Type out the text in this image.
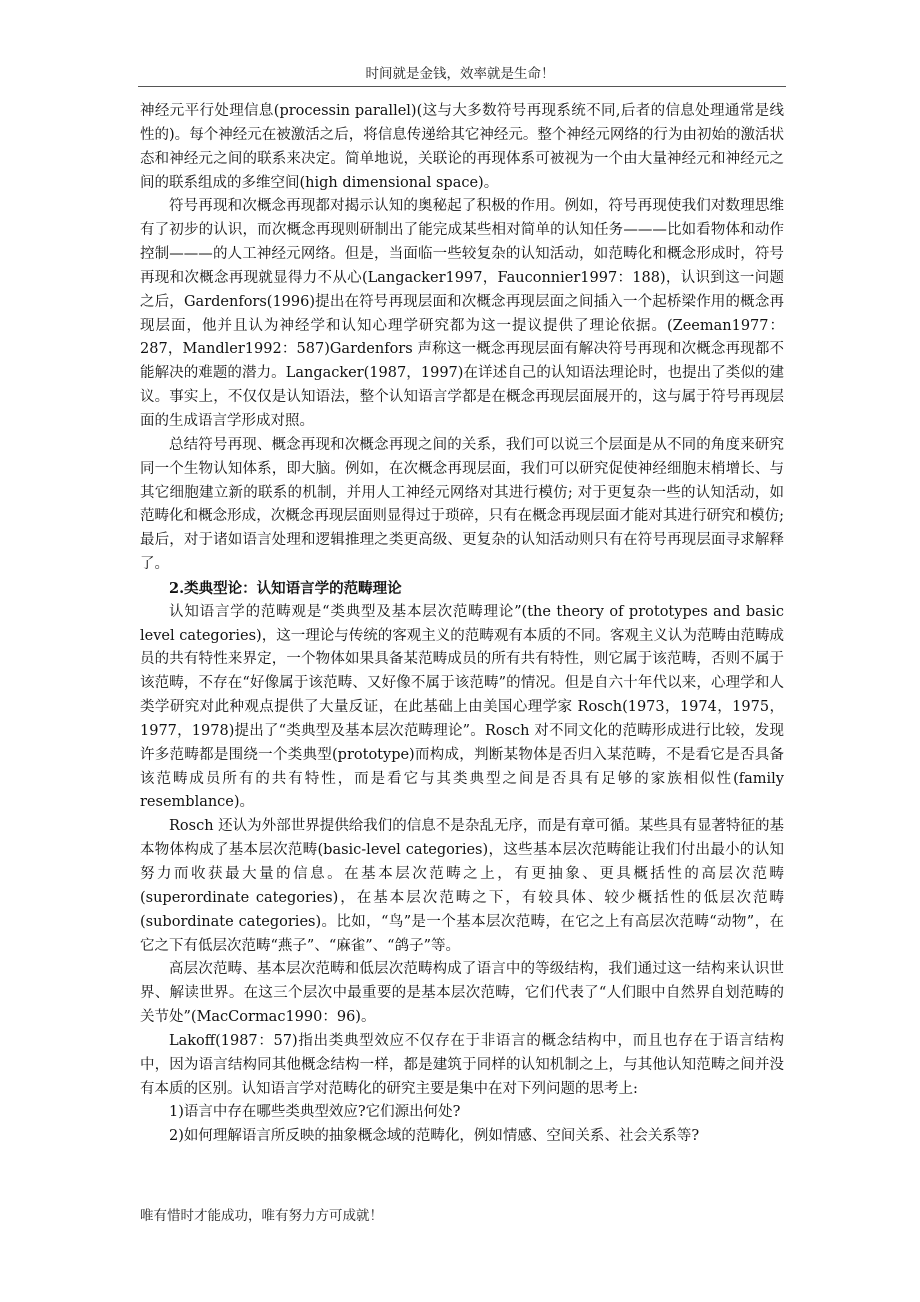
时间就是金钱，效率就是生命！

神经元平行处理信息(processin parallel)(这与大多数符号再现系统不同,后者的信息处理通常是线性的)。每个神经元在被激活之后，将信息传递给其它神经元。整个神经元网络的行为由初始的激活状态和神经元之间的联系来决定。简单地说，关联论的再现体系可被视为一个由大量神经元和神经元之间的联系组成的多维空间(high dimensional space)。

符号再现和次概念再现都对揭示认知的奥秘起了积极的作用。例如，符号再现使我们对数理思维有了初步的认识，而次概念再现则研制出了能完成某些相对简单的认知任务———比如看物体和动作控制———的人工神经元网络。但是，当面临一些较复杂的认知活动，如范畴化和概念形成时，符号再现和次概念再现就显得力不从心(Langacker1997，Fauconnier1997：188)，认识到这一问题之后，Gardenfors(1996)提出在符号再现层面和次概念再现层面之间插入一个起桥梁作用的概念再现层面，他并且认为神经学和认知心理学研究都为这一提议提供了理论依据。(Zeeman1977：287，Mandler1992：587)Gardenfors 声称这一概念再现层面有解决符号再现和次概念再现都不能解决的难题的潜力。Langacker(1987，1997)在详述自己的认知语法理论时，也提出了类似的建议。事实上，不仅仅是认知语法，整个认知语言学都是在概念再现层面展开的，这与属于符号再现层面的生成语言学形成对照。

总结符号再现、概念再现和次概念再现之间的关系，我们可以说三个层面是从不同的角度来研究同一个生物认知体系，即大脑。例如，在次概念再现层面，我们可以研究促使神经细胞末梢增长、与其它细胞建立新的联系的机制，并用人工神经元网络对其进行模仿; 对于更复杂一些的认知活动，如范畴化和概念形成，次概念再现层面则显得过于琐碎，只有在概念再现层面才能对其进行研究和模仿; 最后，对于诸如语言处理和逻辑推理之类更高级、更复杂的认知活动则只有在符号再现层面寻求解释了。

2.类典型论：认知语言学的范畴理论

认知语言学的范畴观是“类典型及基本层次范畴理论”(the theory of prototypes and basic level categories)，这一理论与传统的客观主义的范畴观有本质的不同。客观主义认为范畴由范畴成员的共有特性来界定，一个物体如果具备某范畴成员的所有共有特性，则它属于该范畴，否则不属于该范畴，不存在“好像属于该范畴、又好像不属于该范畴”的情况。但是自六十年代以来，心理学和人类学研究对此种观点提供了大量反证，在此基础上由美国心理学家 Rosch(1973，1974，1975，1977，1978)提出了“类典型及基本层次范畴理论”。Rosch 对不同文化的范畴形成进行比较，发现许多范畴都是围绕一个类典型(prototype)而构成，判断某物体是否归入某范畴，不是看它是否具备该范畴成员所有的共有特性，而是看它与其类典型之间是否具有足够的家族相似性(family resemblance)。

Rosch 还认为外部世界提供给我们的信息不是杂乱无序，而是有章可循。某些具有显著特征的基本物体构成了基本层次范畴(basic-level categories)，这些基本层次范畴能让我们付出最小的认知努力而收获最大量的信息。在基本层次范畴之上，有更抽象、更具概括性的高层次范畴(superordinate categories)，在基本层次范畴之下，有较具体、较少概括性的低层次范畴(subordinate categories)。比如，“鸟”是一个基本层次范畴，在它之上有高层次范畴“动物”，在它之下有低层次范畴“燕子”、“麻雀”、“鸽子”等。

高层次范畴、基本层次范畴和低层次范畴构成了语言中的等级结构，我们通过这一结构来认识世界、解读世界。在这三个层次中最重要的是基本层次范畴，它们代表了“人们眼中自然界自划范畴的关节处”(MacCormac1990：96)。

Lakoff(1987：57)指出类典型效应不仅存在于非语言的概念结构中，而且也存在于语言结构中，因为语言结构同其他概念结构一样，都是建筑于同样的认知机制之上，与其他认知范畴之间并没有本质的区别。认知语言学对范畴化的研究主要是集中在对下列问题的思考上:

1)语言中存在哪些类典型效应?它们源出何处?

2)如何理解语言所反映的抽象概念域的范畴化，例如情感、空间关系、社会关系等?

唯有惜时才能成功，唯有努力方可成就！
